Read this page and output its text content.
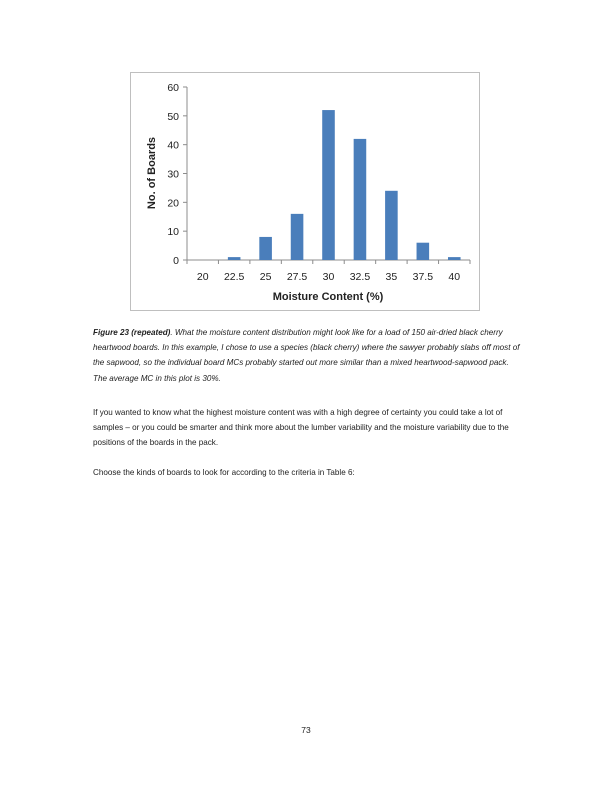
0
10
20
30
40
50
60
20 22.5 25 27.5 30 32.5 35 37.5 40
No. of Boards
Moisture Content (%)
Figure 23 (repeated). What the moisture content distribution might look like for a load of 150 air-dried black cherry heartwood boards. In this example, I chose to use a species (black cherry) where the sawyer probably slabs off most of the sapwood, so the individual board MCs probably started out more similar than a mixed heartwood-sapwood pack. The average MC in this plot is 30%.
If you wanted to know what the highest moisture content was with a high degree of certainty you could take a lot of samples – or you could be smarter and think more about the lumber variability and the moisture variability due to the positions of the boards in the pack.
Choose the kinds of boards to look for according to the criteria in Table 6:
73
